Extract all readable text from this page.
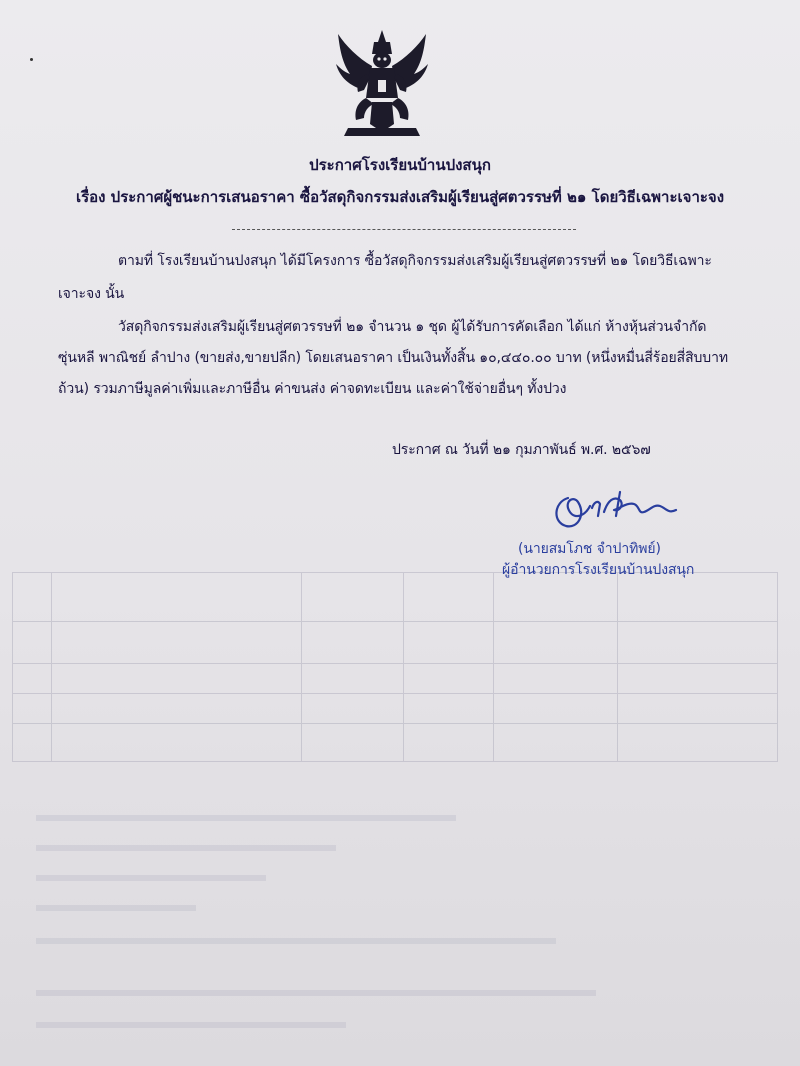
ประกาศโรงเรียนบ้านปงสนุก
เรื่อง ประกาศผู้ชนะการเสนอราคา ซื้อวัสดุกิจกรรมส่งเสริมผู้เรียนสู่ศตวรรษที่ ๒๑ โดยวิธีเฉพาะเจาะจง
ตามที่ โรงเรียนบ้านปงสนุก ได้มีโครงการ ซื้อวัสดุกิจกรรมส่งเสริมผู้เรียนสู่ศตวรรษที่ ๒๑ โดยวิธีเฉพาะ
เจาะจง นั้น
วัสดุกิจกรรมส่งเสริมผู้เรียนสู่ศตวรรษที่ ๒๑ จำนวน ๑ ชุด ผู้ได้รับการคัดเลือก ได้แก่ ห้างหุ้นส่วนจำกัด
ซุ่นหลี พาณิชย์ ลำปาง (ขายส่ง,ขายปลีก) โดยเสนอราคา เป็นเงินทั้งสิ้น ๑๐,๔๔๐.๐๐ บาท (หนึ่งหมื่นสี่ร้อยสี่สิบบาท
ถ้วน) รวมภาษีมูลค่าเพิ่มและภาษีอื่น ค่าขนส่ง ค่าจดทะเบียน และค่าใช้จ่ายอื่นๆ ทั้งปวง
ประกาศ ณ วันที่ ๒๑ กุมภาพันธ์ พ.ศ. ๒๕๖๗
(นายสมโภช จำปาทิพย์)
ผู้อำนวยการโรงเรียนบ้านปงสนุก
